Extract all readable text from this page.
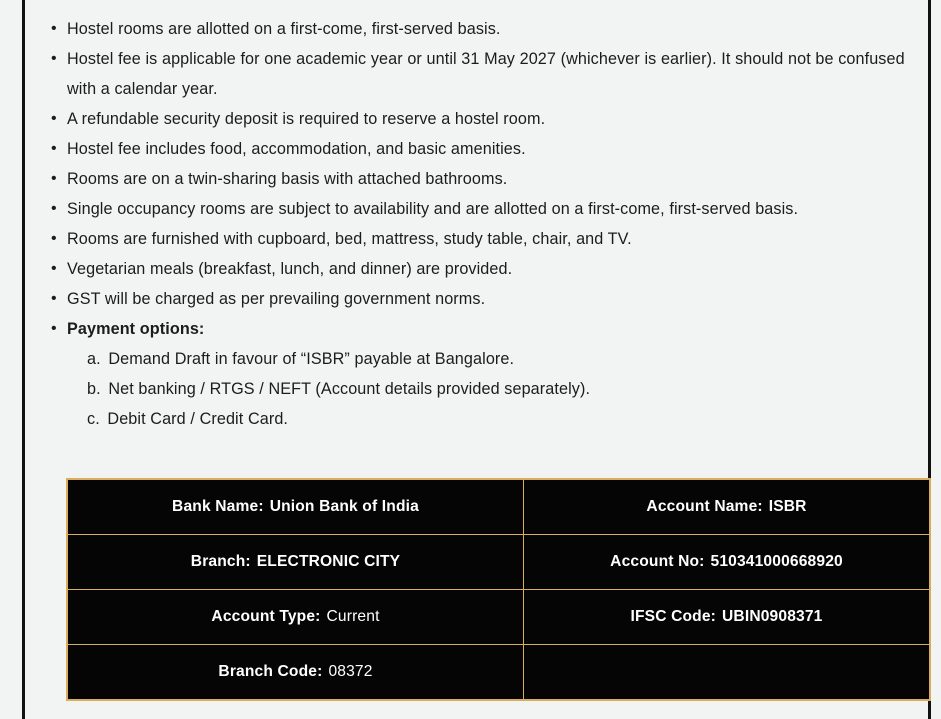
• Hostel rooms are allotted on a first-come, first-served basis.
• Hostel fee is applicable for one academic year or until 31 May 2027 (whichever is earlier). It should not be confused with a calendar year.
• A refundable security deposit is required to reserve a hostel room.
• Hostel fee includes food, accommodation, and basic amenities.
• Rooms are on a twin-sharing basis with attached bathrooms.
• Single occupancy rooms are subject to availability and are allotted on a first-come, first-served basis.
• Rooms are furnished with cupboard, bed, mattress, study table, chair, and TV.
• Vegetarian meals (breakfast, lunch, and dinner) are provided.
• GST will be charged as per prevailing government norms.
• Payment options:
a. Demand Draft in favour of “ISBR” payable at Bangalore.
b. Net banking / RTGS / NEFT (Account details provided separately).
c. Debit Card / Credit Card.
Bank Name: Union Bank of India	Account Name: ISBR
Branch: ELECTRONIC CITY	Account No: 510341000668920
Account Type: Current	IFSC Code: UBIN0908371
Branch Code: 08372	
